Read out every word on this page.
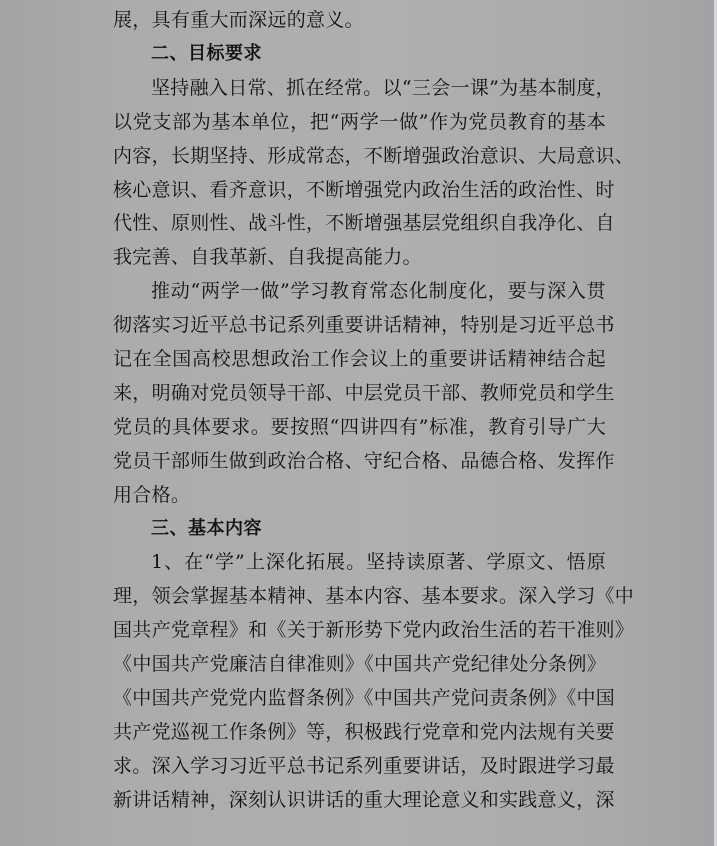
展，具有重大而深远的意义。
二、目标要求
坚持融入日常、抓在经常。以“三会一课”为基本制度，
以党支部为基本单位，把“两学一做”作为党员教育的基本
内容，长期坚持、形成常态，不断增强政治意识、大局意识、
核心意识、看齐意识，不断增强党内政治生活的政治性、时
代性、原则性、战斗性，不断增强基层党组织自我净化、自
我完善、自我革新、自我提高能力。
推动“两学一做”学习教育常态化制度化，要与深入贯
彻落实习近平总书记系列重要讲话精神，特别是习近平总书
记在全国高校思想政治工作会议上的重要讲话精神结合起
来，明确对党员领导干部、中层党员干部、教师党员和学生
党员的具体要求。要按照“四讲四有”标准，教育引导广大
党员干部师生做到政治合格、守纪合格、品德合格、发挥作
用合格。
三、基本内容
1、在“学”上深化拓展。坚持读原著、学原文、悟原
理，领会掌握基本精神、基本内容、基本要求。深入学习《中
国共产党章程》和《关于新形势下党内政治生活的若干准则》
《中国共产党廉洁自律准则》《中国共产党纪律处分条例》
《中国共产党党内监督条例》《中国共产党问责条例》《中国
共产党巡视工作条例》等，积极践行党章和党内法规有关要
求。深入学习习近平总书记系列重要讲话，及时跟进学习最
新讲话精神，深刻认识讲话的重大理论意义和实践意义，深
